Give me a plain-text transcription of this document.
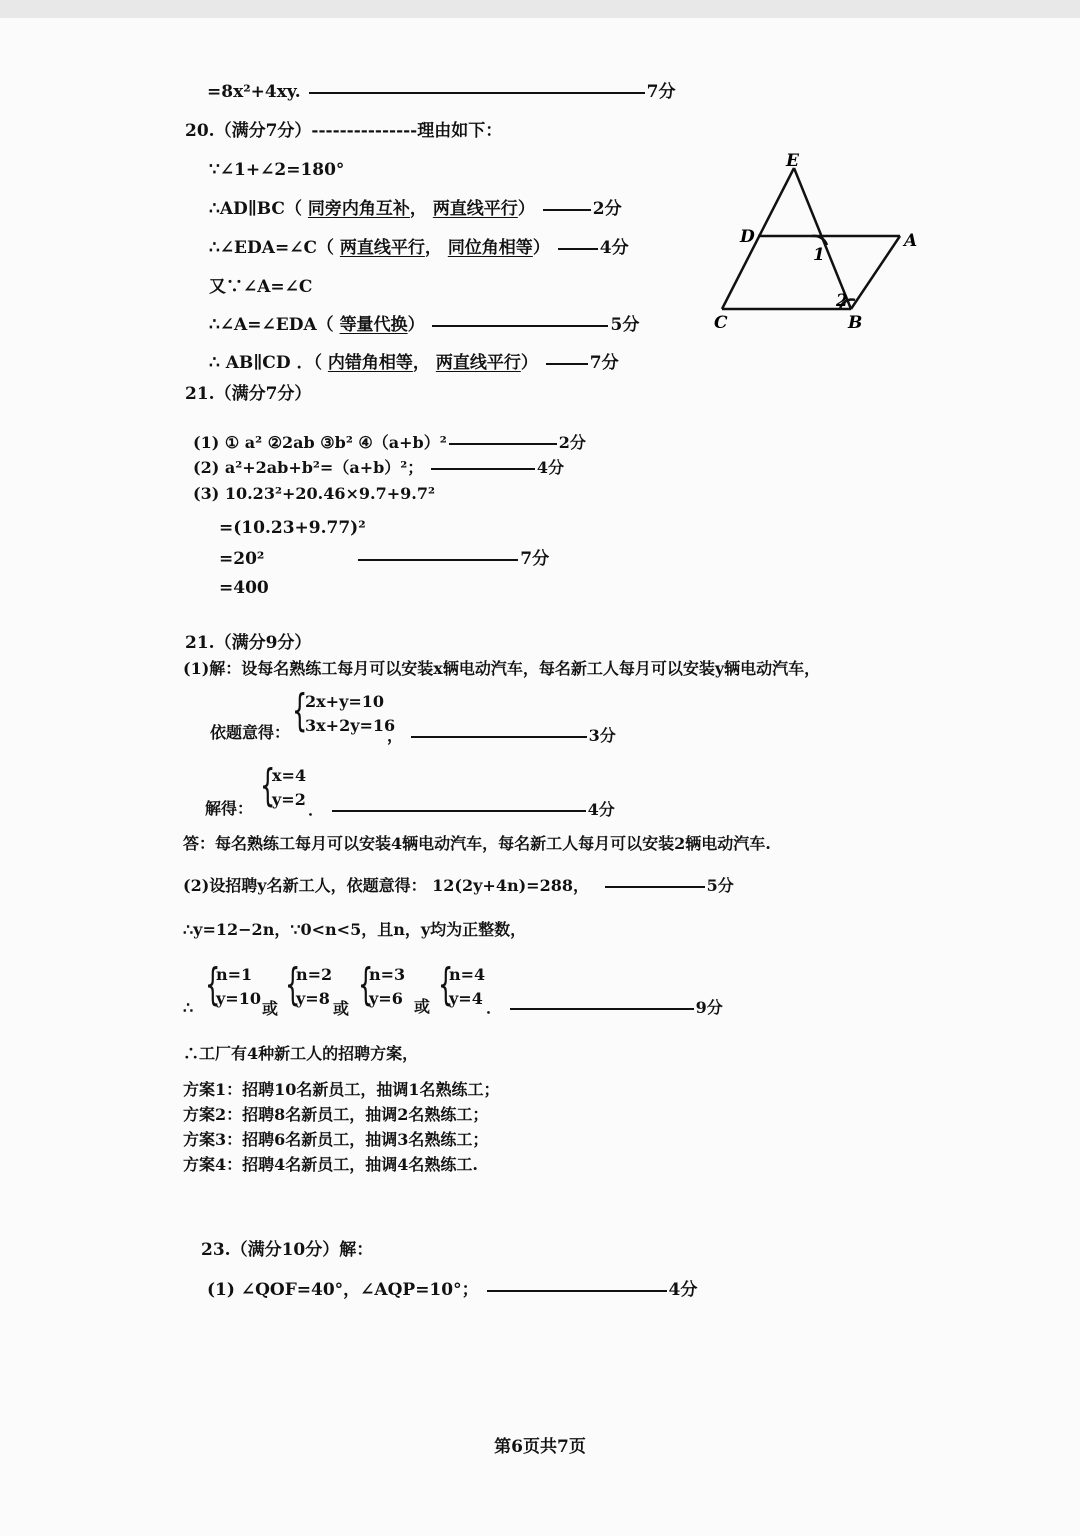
=8x²+4xy.	7分
20.（满分7分）---------------理由如下：
∵∠1+∠2=180°
∴AD∥BC（ 同旁内角互补， 两直线平行）	2分
∴∠EDA=∠C（ 两直线平行， 同位角相等）	4分
又∵∠A=∠C
∴∠A=∠EDA（ 等量代换）	5分
∴ AB∥CD ．（ 内错角相等， 两直线平行）	7分
E
D	A
C	B
1
2
21.（满分7分）
(1) ① a² ②2ab ③b² ④（a+b）²	2分
(2) a²+2ab+b²=（a+b）²；	4分
(3) 10.23²+20.46×9.7+9.7²
=(10.23+9.77)²
=20²	7分
=400
21.（满分9分）
(1)解：设每名熟练工每月可以安装x辆电动汽车，每名新工人每月可以安装y辆电动汽车，
依题意得： {
2x+y=10
3x+2y=16
，	3分
解得： {
x=4
y=2
．	4分
答：每名熟练工每月可以安装4辆电动汽车，每名新工人每月可以安装2辆电动汽车.
(2)设招聘y名新工人，依题意得： 12(2y+4n)=288，	5分
∴y=12−2n，∵0<n<5，且n，y均为正整数，
∴ {
n=1
y=10
或 {
n=2
y=8
或 {
n=3
y=6 或 {
n=4
y=4 ．	9分
∴工厂有4种新工人的招聘方案，
方案1：招聘10名新员工，抽调1名熟练工；
方案2：招聘8名新员工，抽调2名熟练工；
方案3：招聘6名新员工，抽调3名熟练工；
方案4：招聘4名新员工，抽调4名熟练工.
23.（满分10分）解：
(1) ∠QOF=40°，∠AQP=10°；	4分
第6页共7页
